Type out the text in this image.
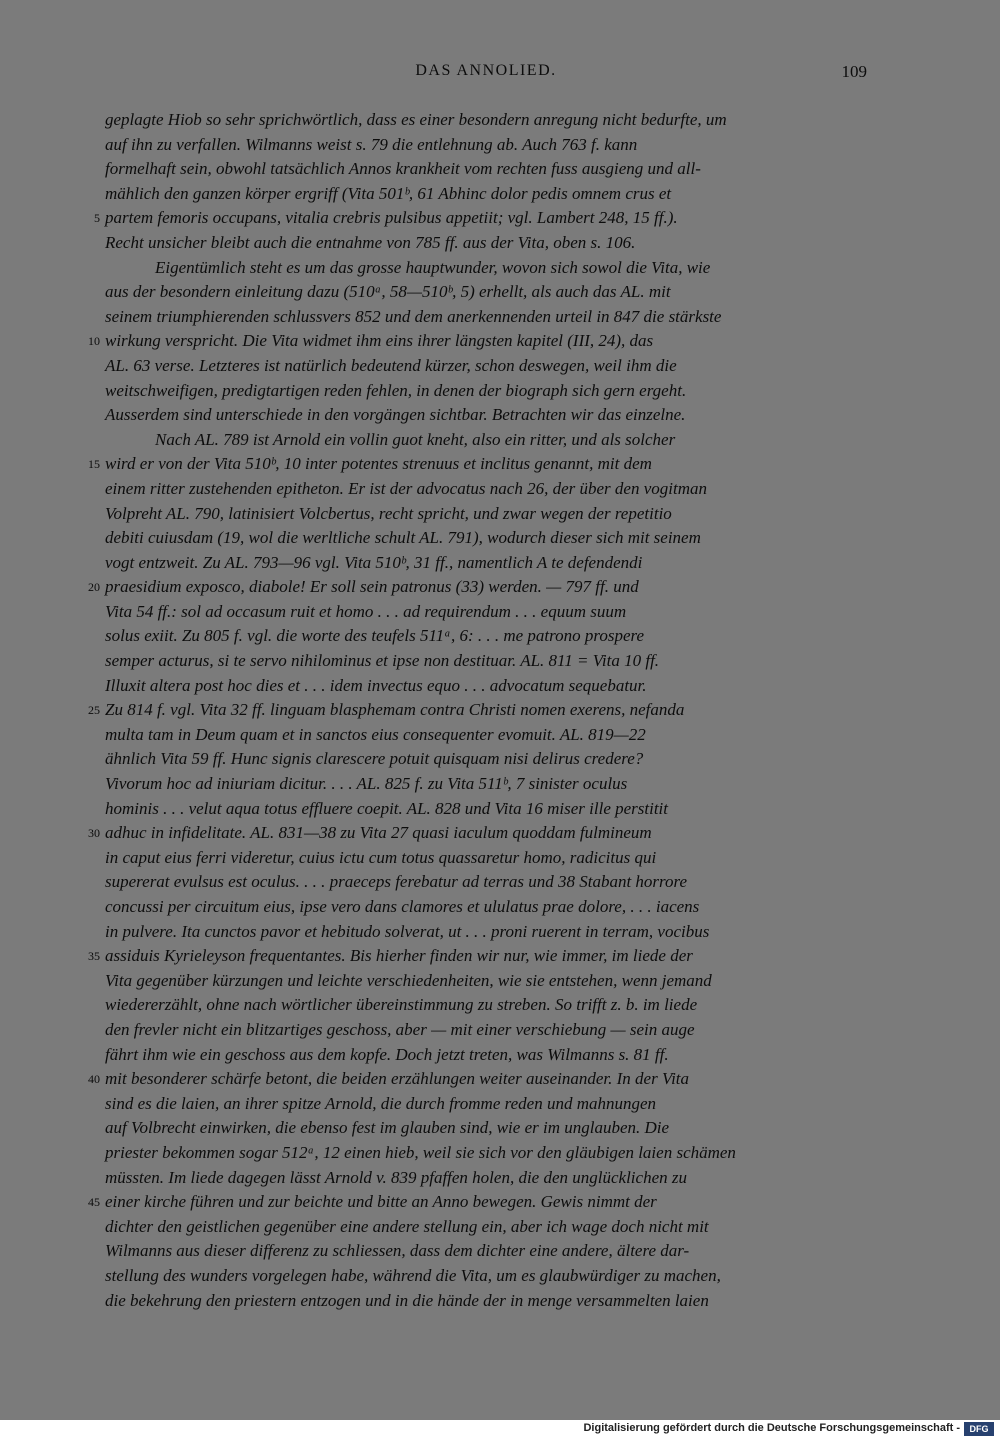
DAS ANNOLIED.	109
geplagte Hiob so sehr sprichwörtlich, dass es einer besondern anregung nicht bedurfte, um
auf ihn zu verfallen. Wilmanns weist s. 79 die entlehnung ab. Auch 763 f. kann
formelhaft sein, obwohl tatsächlich Annos krankheit vom rechten fuss ausgieng und all-
mählich den ganzen körper ergriff (Vita 501ᵇ, 61 Abhinc dolor pedis omnem crus et
5 partem femoris occupans, vitalia crebris pulsibus appetiit; vgl. Lambert 248, 15 ff.).
Recht unsicher bleibt auch die entnahme von 785 ff. aus der Vita, oben s. 106.
Eigentümlich steht es um das grosse hauptwunder, wovon sich sowol die Vita, wie
aus der besondern einleitung dazu (510ᵃ, 58—510ᵇ, 5) erhellt, als auch das AL. mit
seinem triumphierenden schlussvers 852 und dem anerkennenden urteil in 847 die stärkste
10 wirkung verspricht. Die Vita widmet ihm eins ihrer längsten kapitel (III, 24), das
AL. 63 verse. Letzteres ist natürlich bedeutend kürzer, schon deswegen, weil ihm die
weitschweifigen, predigtartigen reden fehlen, in denen der biograph sich gern ergeht.
Ausserdem sind unterschiede in den vorgängen sichtbar. Betrachten wir das einzelne.
Nach AL. 789 ist Arnold ein vollin guot kneht, also ein ritter, und als solcher
15 wird er von der Vita 510ᵇ, 10 inter potentes strenuus et inclitus genannt, mit dem
einem ritter zustehenden epitheton. Er ist der advocatus nach 26, der über den vogitman
Volpreht AL. 790, latinisiert Volcbertus, recht spricht, und zwar wegen der repetitio
debiti cuiusdam (19, wol die werltliche schult AL. 791), wodurch dieser sich mit seinem
vogt entzweit. Zu AL. 793—96 vgl. Vita 510ᵇ, 31 ff., namentlich A te defendendi
20 praesidium exposco, diabole! Er soll sein patronus (33) werden. — 797 ff. und
Vita 54 ff.: sol ad occasum ruit et homo . . . ad requirendum . . . equum suum
solus exiit. Zu 805 f. vgl. die worte des teufels 511ᵃ, 6: . . . me patrono prospere
semper acturus, si te servo nihilominus et ipse non destituar. AL. 811 = Vita 10 ff.
Illuxit altera post hoc dies et . . . idem invectus equo . . . advocatum sequebatur.
25 Zu 814 f. vgl. Vita 32 ff. linguam blasphemam contra Christi nomen exerens, nefanda
multa tam in Deum quam et in sanctos eius consequenter evomuit. AL. 819—22
ähnlich Vita 59 ff. Hunc signis clarescere potuit quisquam nisi delirus credere?
Vivorum hoc ad iniuriam dicitur. . . . AL. 825 f. zu Vita 511ᵇ, 7 sinister oculus
hominis . . . velut aqua totus effluere coepit. AL. 828 und Vita 16 miser ille perstitit
30 adhuc in infidelitate. AL. 831—38 zu Vita 27 quasi iaculum quoddam fulmineum
in caput eius ferri videretur, cuius ictu cum totus quassaretur homo, radicitus qui
supererat evulsus est oculus. . . . praeceps ferebatur ad terras und 38 Stabant horrore
concussi per circuitum eius, ipse vero dans clamores et ululatus prae dolore, . . . iacens
in pulvere. Ita cunctos pavor et hebitudo solverat, ut . . . proni ruerent in terram, vocibus
35 assiduis Kyrieleyson frequentantes. Bis hierher finden wir nur, wie immer, im liede der
Vita gegenüber kürzungen und leichte verschiedenheiten, wie sie entstehen, wenn jemand
wiedererzählt, ohne nach wörtlicher übereinstimmung zu streben. So trifft z. b. im liede
den frevler nicht ein blitzartiges geschoss, aber — mit einer verschiebung — sein auge
fährt ihm wie ein geschoss aus dem kopfe. Doch jetzt treten, was Wilmanns s. 81 ff.
40 mit besonderer schärfe betont, die beiden erzählungen weiter auseinander. In der Vita
sind es die laien, an ihrer spitze Arnold, die durch fromme reden und mahnungen
auf Volbrecht einwirken, die ebenso fest im glauben sind, wie er im unglauben. Die
priester bekommen sogar 512ᵃ, 12 einen hieb, weil sie sich vor den gläubigen laien schämen
müssten. Im liede dagegen lässt Arnold v. 839 pfaffen holen, die den unglücklichen zu
45 einer kirche führen und zur beichte und bitte an Anno bewegen. Gewis nimmt der
dichter den geistlichen gegenüber eine andere stellung ein, aber ich wage doch nicht mit
Wilmanns aus dieser differenz zu schliessen, dass dem dichter eine andere, ältere dar-
stellung des wunders vorgelegen habe, während die Vita, um es glaubwürdiger zu machen,
die bekehrung den priestern entzogen und in die hände der in menge versammelten laien
Digitalisierung gefördert durch die Deutsche Forschungsgemeinschaft -	DFG
